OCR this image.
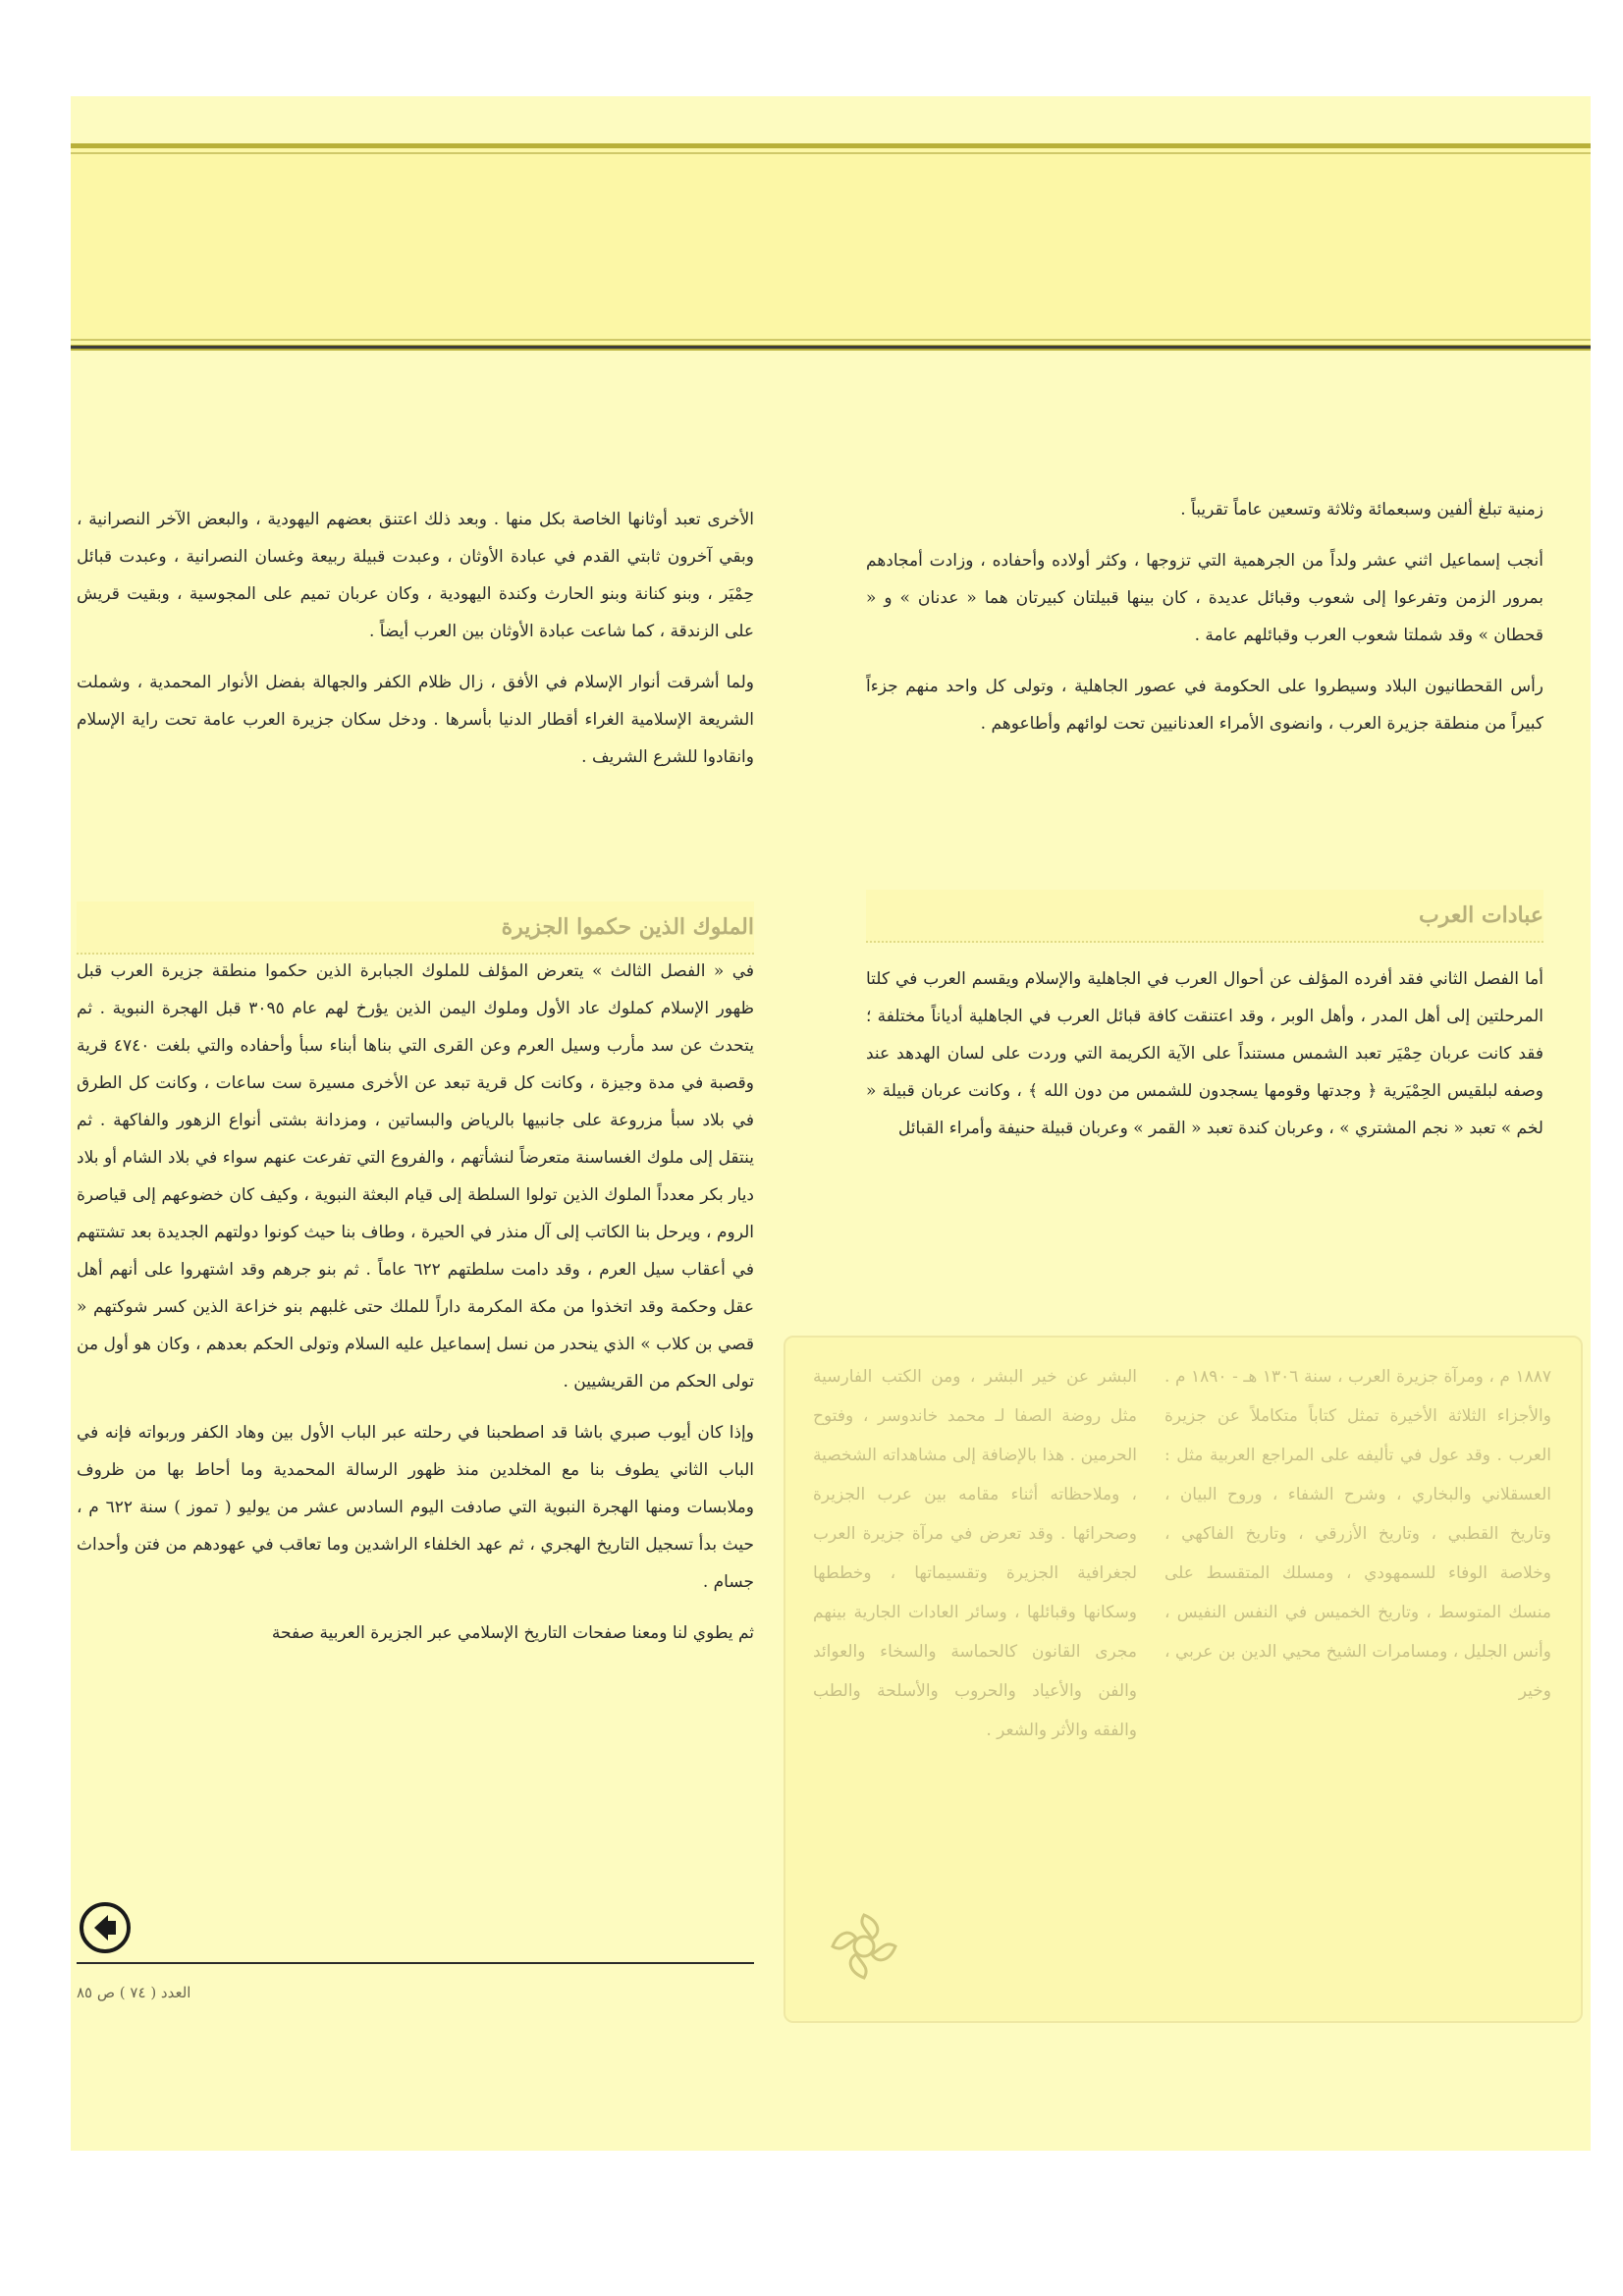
زمنية تبلغ ألفين وسبعمائة وثلاثة وتسعين عاماً تقريباً .

أنجب إسماعيل اثني عشر ولداً من الجرهمية التي تزوجها ، وكثر أولاده وأحفاده ، وزادت أمجادهم بمرور الزمن وتفرعوا إلى شعوب وقبائل عديدة ، كان بينها قبيلتان كبيرتان هما « عدنان » و « قحطان » وقد شملتا شعوب العرب وقبائلهم عامة .

رأس القحطانيون البلاد وسيطروا على الحكومة في عصور الجاهلية ، وتولى كل واحد منهم جزءاً كبيراً من منطقة جزيرة العرب ، وانضوى الأمراء العدنانيين تحت لوائهم وأطاعوهم .

عبادات العرب

أما الفصل الثاني فقد أفرده المؤلف عن أحوال العرب في الجاهلية والإسلام ويقسم العرب في كلتا المرحلتين إلى أهل المدر ، وأهل الوبر ، وقد اعتنقت كافة قبائل العرب في الجاهلية أدياناً مختلفة ؛ فقد كانت عربان حِمْيَر تعبد الشمس مستنداً على الآية الكريمة التي وردت على لسان الهدهد عند وصفه لبلقيس الحِمْيَرية ﴿ وجدتها وقومها يسجدون للشمس من دون الله ﴾ ، وكانت عربان قبيلة « لخم » تعبد « نجم المشتري » ، وعربان كندة تعبد « القمر » وعربان قبيلة حنيفة وأمراء القبائل

الأخرى تعبد أوثانها الخاصة بكل منها . وبعد ذلك اعتنق بعضهم اليهودية ، والبعض الآخر النصرانية ، وبقي آخرون ثابتي القدم في عبادة الأوثان ، وعبدت قبيلة ربيعة وغسان النصرانية ، وعبدت قبائل حِمْيَر ، وبنو كنانة وبنو الحارث وكندة اليهودية ، وكان عربان تميم على المجوسية ، وبقيت قريش على الزندقة ، كما شاعت عبادة الأوثان بين العرب أيضاً .

ولما أشرقت أنوار الإسلام في الأفق ، زال ظلام الكفر والجهالة بفضل الأنوار المحمدية ، وشملت الشريعة الإسلامية الغراء أقطار الدنيا بأسرها . ودخل سكان جزيرة العرب عامة تحت راية الإسلام وانقادوا للشرع الشريف .

الملوك الذين حكموا الجزيرة

في « الفصل الثالث » يتعرض المؤلف للملوك الجبابرة الذين حكموا منطقة جزيرة العرب قبل ظهور الإسلام كملوك عاد الأول وملوك اليمن الذين يؤرخ لهم عام ٣٠٩٥ قبل الهجرة النبوية . ثم يتحدث عن سد مأرب وسيل العرم وعن القرى التي بناها أبناء سبأ وأحفاده والتي بلغت ٤٧٤٠ قرية وقصبة في مدة وجيزة ، وكانت كل قرية تبعد عن الأخرى مسيرة ست ساعات ، وكانت كل الطرق في بلاد سبأ مزروعة على جانبيها بالرياض والبساتين ، ومزدانة بشتى أنواع الزهور والفاكهة . ثم ينتقل إلى ملوك الغساسنة متعرضاً لنشأتهم ، والفروع التي تفرعت عنهم سواء في بلاد الشام أو بلاد ديار بكر معدداً الملوك الذين تولوا السلطة إلى قيام البعثة النبوية ، وكيف كان خضوعهم إلى قياصرة الروم ، ويرحل بنا الكاتب إلى آل منذر في الحيرة ، وطاف بنا حيث كونوا دولتهم الجديدة بعد تشتتهم في أعقاب سيل العرم ، وقد دامت سلطتهم ٦٢٢ عاماً . ثم بنو جرهم وقد اشتهروا على أنهم أهل عقل وحكمة وقد اتخذوا من مكة المكرمة داراً للملك حتى غلبهم بنو خزاعة الذين كسر شوكتهم « قصي بن كلاب » الذي ينحدر من نسل إسماعيل عليه السلام وتولى الحكم بعدهم ، وكان هو أول من تولى الحكم من القريشيين .

وإذا كان أيوب صبري باشا قد اصطحبنا في رحلته عبر الباب الأول بين وهاد الكفر وربواته فإنه في الباب الثاني يطوف بنا مع المخلدين منذ ظهور الرسالة المحمدية وما أحاط بها من ظروف وملابسات ومنها الهجرة النبوية التي صادفت اليوم السادس عشر من يوليو ( تموز ) سنة ٦٢٢ م ، حيث بدأ تسجيل التاريخ الهجري ، ثم عهد الخلفاء الراشدين وما تعاقب في عهودهم من فتن وأحداث جسام .

ثم يطوي لنا ومعنا صفحات التاريخ الإسلامي عبر الجزيرة العربية صفحة

١٨٨٧ م ، ومرآة جزيرة العرب ، سنة ١٣٠٦ هـ - ١٨٩٠ م . والأجزاء الثلاثة الأخيرة تمثل كتاباً متكاملاً عن جزيرة العرب . وقد عول في تأليفه على المراجع العربية مثل : العسقلاني والبخاري ، وشرح الشفاء ، وروح البيان ، وتاريخ القطبي ، وتاريخ الأزرقي ، وتاريخ الفاكهي ، وخلاصة الوفاء للسمهودي ، ومسلك المتقسط على منسك المتوسط ، وتاريخ الخميس في النفس النفيس ، وأنس الجليل ، ومسامرات الشيخ محيي الدين بن عربي ، وخير

البشر عن خير البشر ، ومن الكتب الفارسية مثل روضة الصفا لـ محمد خاندوسر ، وفتوح الحرمين . هذا بالإضافة إلى مشاهداته الشخصية ، وملاحظاته أثناء مقامه بين عرب الجزيرة وصحرائها . وقد تعرض في مرآة جزيرة العرب لجغرافية الجزيرة وتقسيماتها ، وخططها وسكانها وقبائلها ، وسائر العادات الجارية بينهم مجرى القانون كالحماسة والسخاء والعوائد والفن والأعياد والحروب والأسلحة والطب والفقه والأثر والشعر .

العدد ( ٧٤ ) ص ٨٥
